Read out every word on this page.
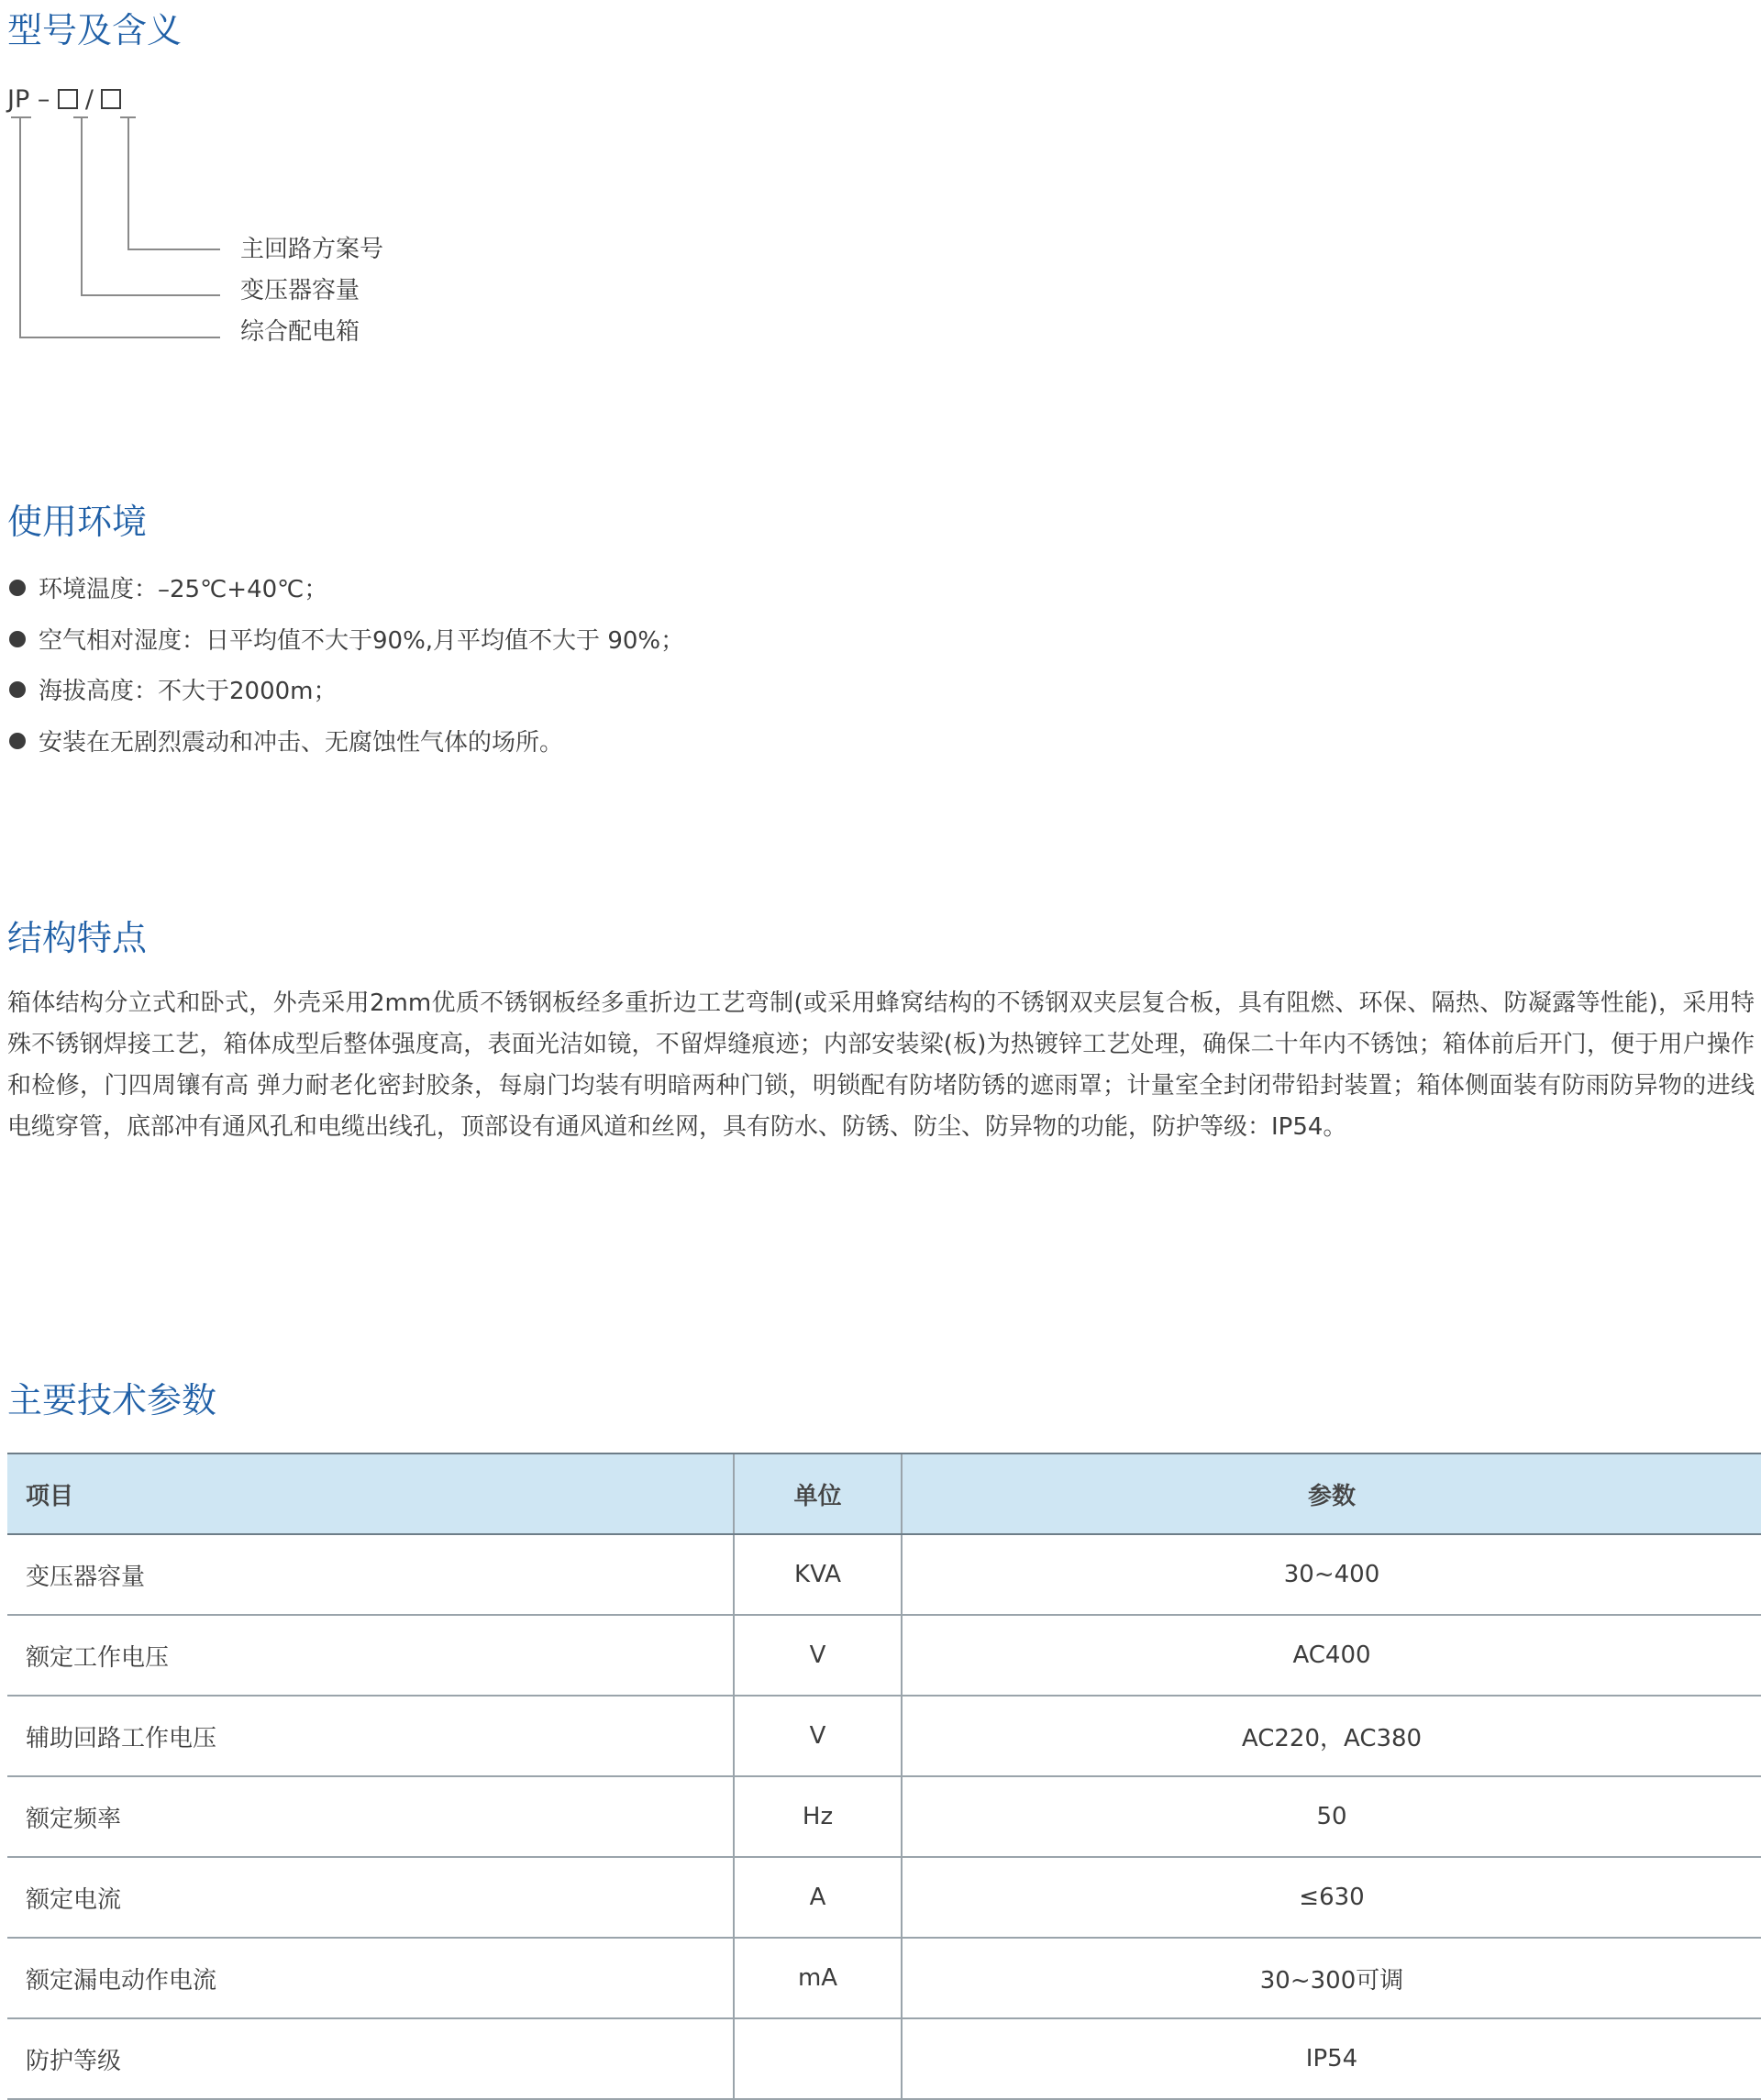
型号及含义
JP – /
主回路方案号
变压器容量
综合配电箱
使用环境
环境温度：–25℃+40℃；
空气相对湿度：日平均值不大于90%,月平均值不大于 90%；
海拔高度：不大于2000m；
安装在无剧烈震动和冲击、无腐蚀性气体的场所。
结构特点

箱体结构分立式和卧式，外壳采用2mm优质不锈钢板经多重折边工艺弯制(或采用蜂窝结构的不锈钢双夹层复合板，具有阻燃、环保、隔热、防凝露等性能)，采用特殊不锈钢焊接工艺，箱体成型后整体强度高，表面光洁如镜，不留焊缝痕迹；内部安装梁(板)为热镀锌工艺处理，确保二十年内不锈蚀；箱体前后开门，便于用户操作和检修，门四周镶有高 弹力耐老化密封胶条，每扇门均装有明暗两种门锁，明锁配有防堵防锈的遮雨罩；计量室全封闭带铅封装置；箱体侧面装有防雨防异物的进线电缆穿管，底部冲有通风孔和电缆出线孔，顶部设有通风道和丝网，具有防水、防锈、防尘、防异物的功能，防护等级：IP54。

主要技术参数
项目	单位	参数
变压器容量	KVA	30~400
额定工作电压	V	AC400
辅助回路工作电压	V	AC220，AC380
额定频率	Hz	50
额定电流	A	≤630
额定漏电动作电流	mA	30~300可调
防护等级		IP54
